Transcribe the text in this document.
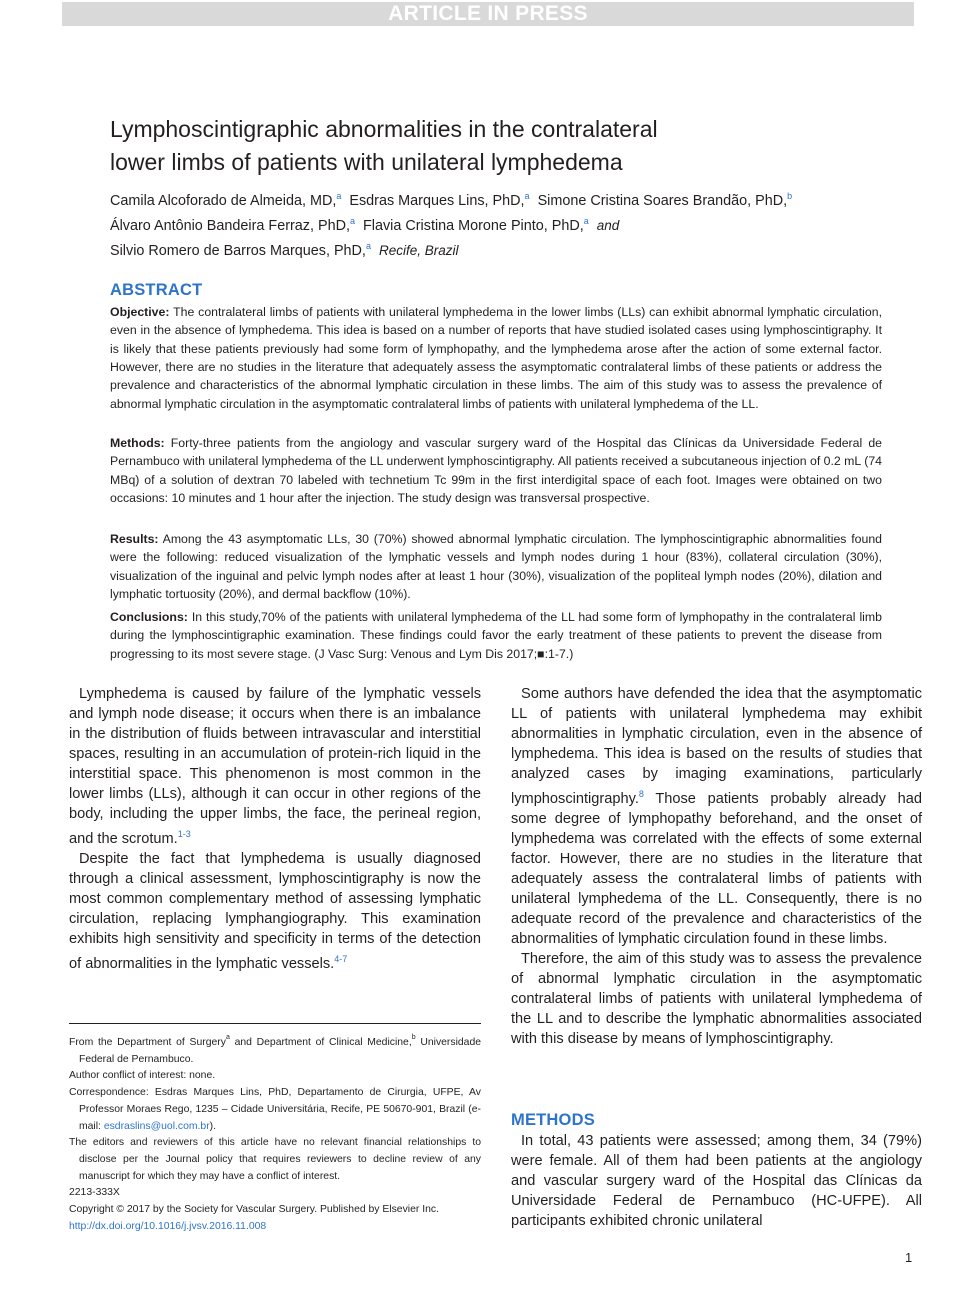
ARTICLE IN PRESS
Lymphoscintigraphic abnormalities in the contralateral
lower limbs of patients with unilateral lymphedema
Camila Alcoforado de Almeida, MD,$^a$ Esdras Marques Lins, PhD,$^a$ Simone Cristina Soares Brandão, PhD,$^b$
Álvaro Antônio Bandeira Ferraz, PhD,$^a$ Flavia Cristina Morone Pinto, PhD,$^a$ and
Silvio Romero de Barros Marques, PhD,$^a$ Recife, Brazil
ABSTRACT
Objective: The contralateral limbs of patients with unilateral lymphedema in the lower limbs (LLs) can exhibit abnormal lymphatic circulation, even in the absence of lymphedema. This idea is based on a number of reports that have studied isolated cases using lymphoscintigraphy. It is likely that these patients previously had some form of lymphopathy, and the lymphedema arose after the action of some external factor. However, there are no studies in the literature that adequately assess the asymptomatic contralateral limbs of these patients or address the prevalence and characteristics of the abnormal lymphatic circulation in these limbs. The aim of this study was to assess the prevalence of abnormal lymphatic circulation in the asymptomatic contralateral limbs of patients with unilateral lymphedema of the LL.
Methods: Forty-three patients from the angiology and vascular surgery ward of the Hospital das Clínicas da Universidade Federal de Pernambuco with unilateral lymphedema of the LL underwent lymphoscintigraphy. All patients received a subcutaneous injection of 0.2 mL (74 MBq) of a solution of dextran 70 labeled with technetium Tc 99m in the first interdigital space of each foot. Images were obtained on two occasions: 10 minutes and 1 hour after the injection. The study design was transversal prospective.
Results: Among the 43 asymptomatic LLs, 30 (70%) showed abnormal lymphatic circulation. The lymphoscintigraphic abnormalities found were the following: reduced visualization of the lymphatic vessels and lymph nodes during 1 hour (83%), collateral circulation (30%), visualization of the inguinal and pelvic lymph nodes after at least 1 hour (30%), visualization of the popliteal lymph nodes (20%), dilation and lymphatic tortuosity (20%), and dermal backflow (10%).
Conclusions: In this study,70% of the patients with unilateral lymphedema of the LL had some form of lymphopathy in the contralateral limb during the lymphoscintigraphic examination. These findings could favor the early treatment of these patients to prevent the disease from progressing to its most severe stage. (J Vasc Surg: Venous and Lym Dis 2017;■:1-7.)

Lymphedema is caused by failure of the lymphatic vessels and lymph node disease; it occurs when there is an imbalance in the distribution of fluids between intravascular and interstitial spaces, resulting in an accumulation of protein-rich liquid in the interstitial space. This phenomenon is most common in the lower limbs (LLs), although it can occur in other regions of the body, including the upper limbs, the face, the perineal region, and the scrotum.$^{1-3}$

Despite the fact that lymphedema is usually diagnosed through a clinical assessment, lymphoscintigraphy is now the most common complementary method of assessing lymphatic circulation, replacing lymphangiography. This examination exhibits high sensitivity and specificity in terms of the detection of abnormalities in the lymphatic vessels.$^{4-7}$

From the Department of Surgery$^a$ and Department of Clinical Medicine,$^b$ Universidade Federal de Pernambuco.

Author conflict of interest: none.

Correspondence: Esdras Marques Lins, PhD, Departamento de Cirurgia, UFPE, Av Professor Moraes Rego, 1235 – Cidade Universitária, Recife, PE 50670-901, Brazil (e-mail: esdraslins@uol.com.br).

The editors and reviewers of this article have no relevant financial relationships to disclose per the Journal policy that requires reviewers to decline review of any manuscript for which they may have a conflict of interest.

2213-333X

Copyright © 2017 by the Society for Vascular Surgery. Published by Elsevier Inc.

http://dx.doi.org/10.1016/j.jvsv.2016.11.008

Some authors have defended the idea that the asymptomatic LL of patients with unilateral lymphedema may exhibit abnormalities in lymphatic circulation, even in the absence of lymphedema. This idea is based on the results of studies that analyzed cases by imaging examinations, particularly lymphoscintigraphy.$^8$ Those patients probably already had some degree of lymphopathy beforehand, and the onset of lymphedema was correlated with the effects of some external factor. However, there are no studies in the literature that adequately assess the contralateral limbs of patients with unilateral lymphedema of the LL. Consequently, there is no adequate record of the prevalence and characteristics of the abnormalities of lymphatic circulation found in these limbs.

Therefore, the aim of this study was to assess the prevalence of abnormal lymphatic circulation in the asymptomatic contralateral limbs of patients with unilateral lymphedema of the LL and to describe the lymphatic abnormalities associated with this disease by means of lymphoscintigraphy.

METHODS

In total, 43 patients were assessed; among them, 34 (79%) were female. All of them had been patients at the angiology and vascular surgery ward of the Hospital das Clínicas da Universidade Federal de Pernambuco (HC-UFPE). All participants exhibited chronic unilateral

1
